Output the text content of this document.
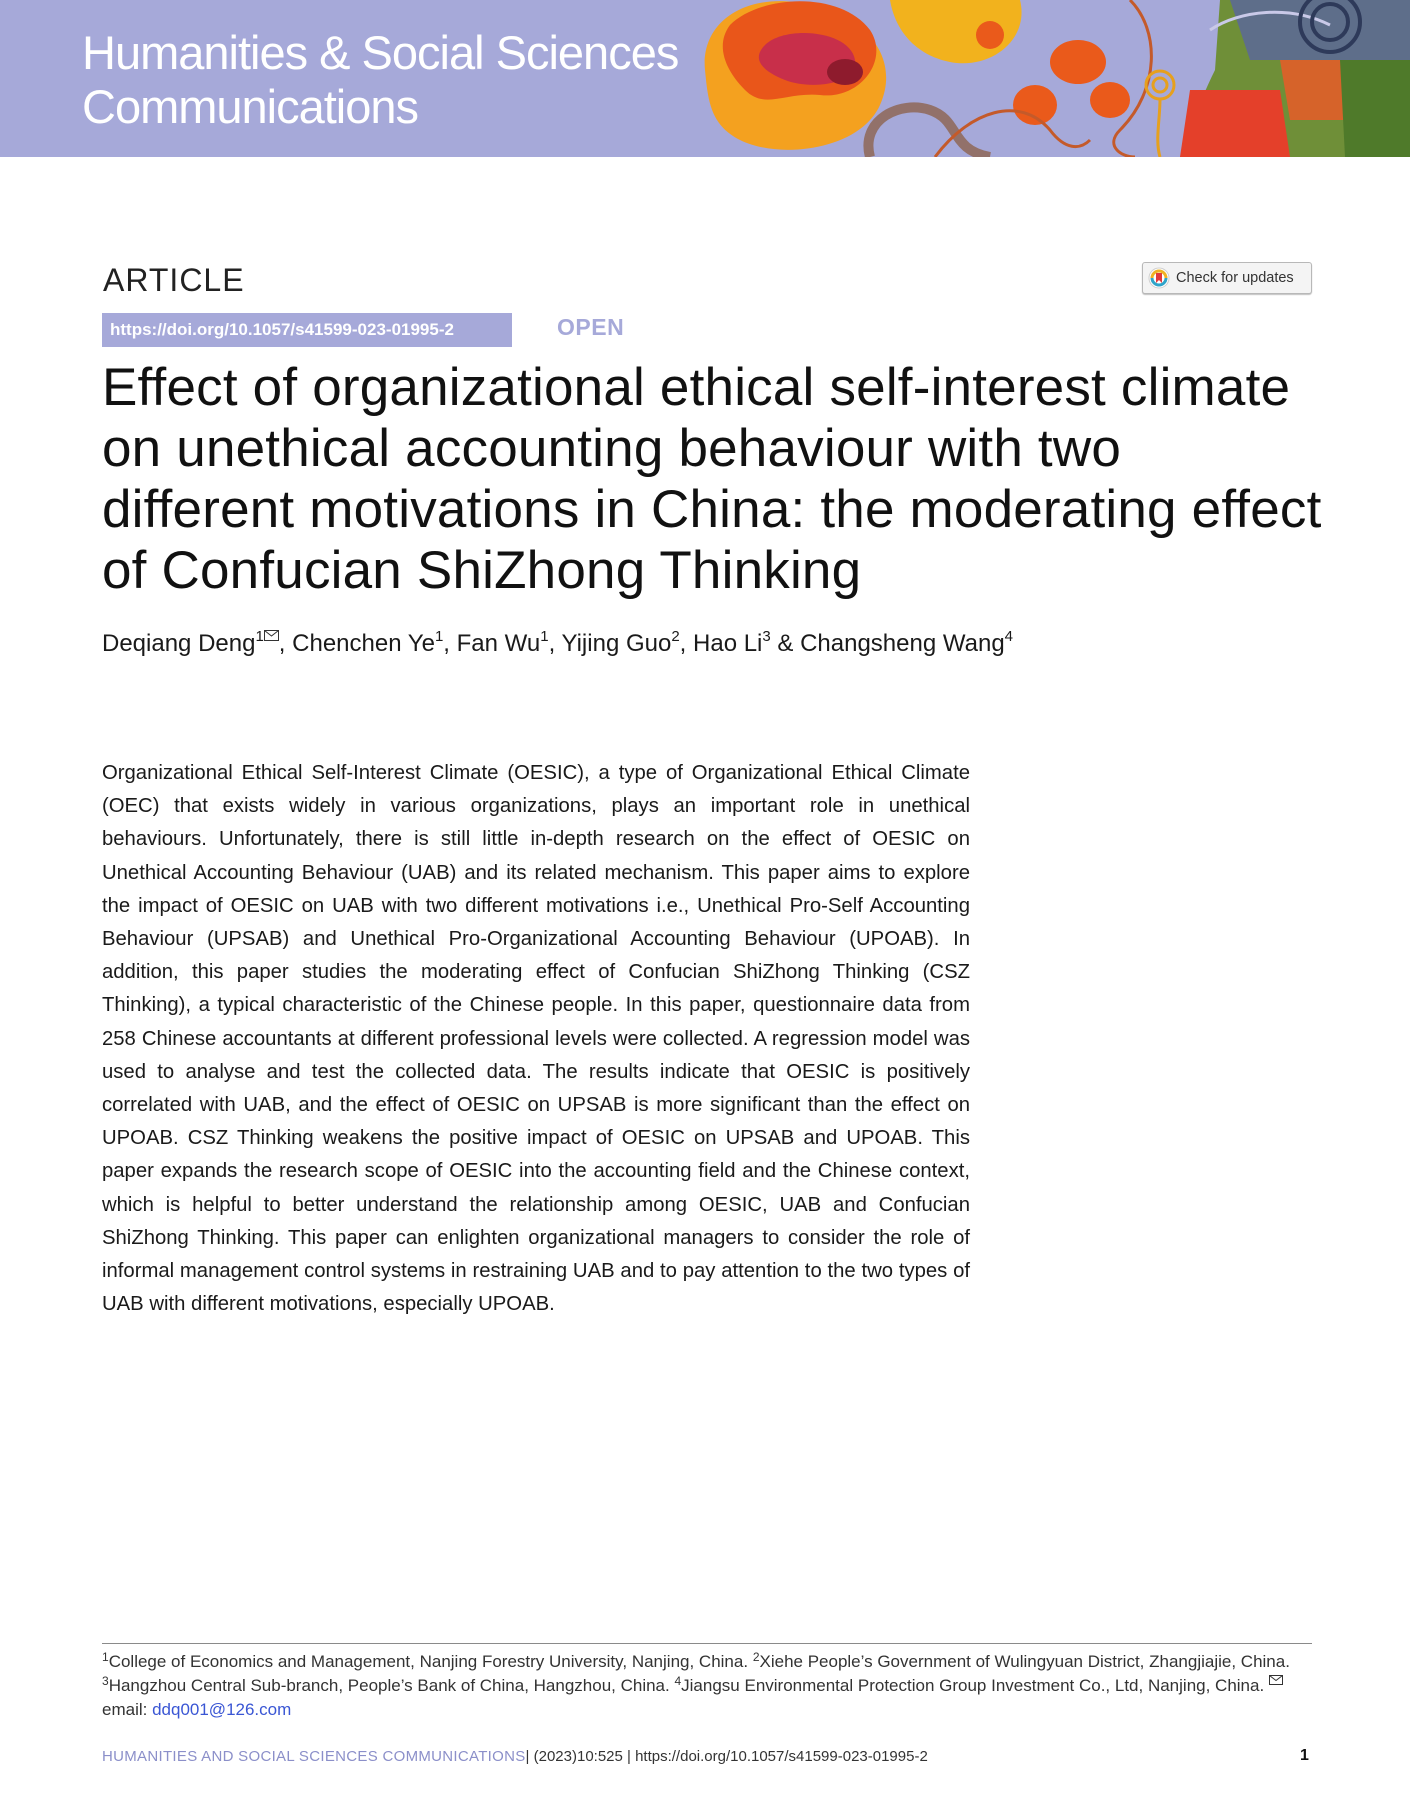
Humanities & Social Sciences
Communications
ARTICLE	Check for updates
https://doi.org/10.1057/s41599-023-01995-2	OPEN
Effect of organizational ethical self-interest climate on unethical accounting behaviour with two different motivations in China: the moderating effect of Confucian ShiZhong Thinking
Deqiang Deng$^1$ , Chenchen Ye$^1$, Fan Wu$^1$, Yijing Guo$^2$, Hao Li$^3$ & Changsheng Wang$^4$

Organizational Ethical Self-Interest Climate (OESIC), a type of Organizational Ethical Climate (OEC) that exists widely in various organizations, plays an important role in unethical behaviours. Unfortunately, there is still little in-depth research on the effect of OESIC on Unethical Accounting Behaviour (UAB) and its related mechanism. This paper aims to explore the impact of OESIC on UAB with two different motivations i.e., Unethical Pro-Self Accounting Behaviour (UPSAB) and Unethical Pro-Organizational Accounting Behaviour (UPOAB). In addition, this paper studies the moderating effect of Confucian ShiZhong Thinking (CSZ Thinking), a typical characteristic of the Chinese people. In this paper, questionnaire data from 258 Chinese accountants at different professional levels were collected. A regression model was used to analyse and test the collected data. The results indicate that OESIC is positively correlated with UAB, and the effect of OESIC on UPSAB is more significant than the effect on UPOAB. CSZ Thinking weakens the positive impact of OESIC on UPSAB and UPOAB. This paper expands the research scope of OESIC into the accounting field and the Chinese context, which is helpful to better understand the relationship among OESIC, UAB and Confucian ShiZhong Thinking. This paper can enlighten organizational managers to consider the role of informal management control systems in restraining UAB and to pay attention to the two types of UAB with different motivations, especially UPOAB.

$^1$College of Economics and Management, Nanjing Forestry University, Nanjing, China. $^2$Xiehe People’s Government of Wulingyuan District, Zhangjiajie, China. $^3$Hangzhou Central Sub-branch, People’s Bank of China, Hangzhou, China. $^4$Jiangsu Environmental Protection Group Investment Co., Ltd, Nanjing, China. email: ddq001@126.com

HUMANITIES AND SOCIAL SCIENCES COMMUNICATIONS| (2023)10:525 | https://doi.org/10.1057/s41599-023-01995-2	1
